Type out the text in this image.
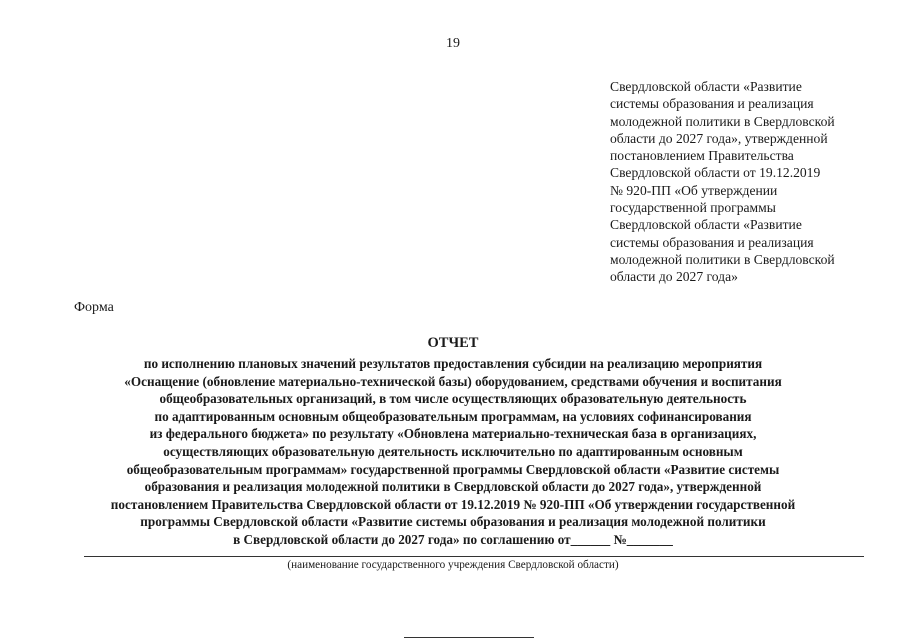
19
Свердловской области «Развитие
системы образования и реализация
молодежной политики в Свердловской
области до 2027 года», утвержденной
постановлением Правительства
Свердловской области от 19.12.2019
№ 920-ПП «Об утверждении
государственной программы
Свердловской области «Развитие
системы образования и реализация
молодежной политики в Свердловской
области до 2027 года»
Форма
ОТЧЕТ
по исполнению плановых значений результатов предоставления субсидии на реализацию мероприятия
«Оснащение (обновление материально-технической базы) оборудованием, средствами обучения и воспитания
общеобразовательных организаций, в том числе осуществляющих образовательную деятельность
по адаптированным основным общеобразовательным программам, на условиях софинансирования
из федерального бюджета» по результату «Обновлена материально-техническая база в организациях,
осуществляющих образовательную деятельность исключительно по адаптированным основным
общеобразовательным программам» государственной программы Свердловской области «Развитие системы
образования и реализация молодежной политики в Свердловской области до 2027 года», утвержденной
постановлением Правительства Свердловской области от 19.12.2019 № 920-ПП «Об утверждении государственной
программы Свердловской области «Развитие системы образования и реализация молодежной политики
в Свердловской области до 2027 года» по соглашению от______ №_______
(наименование государственного учреждения Свердловской области)
